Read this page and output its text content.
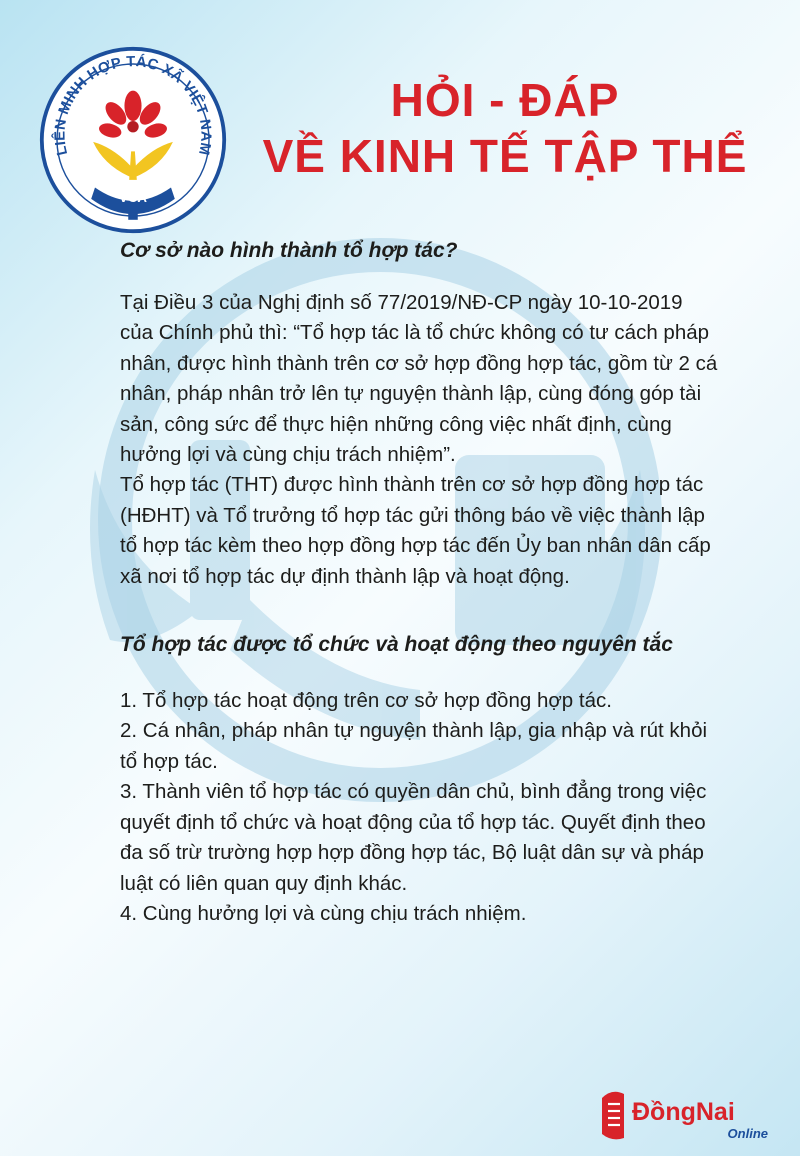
LIÊN MINH HỢP TÁC XÃ VIỆT NAM
VCA
HỎI - ĐÁP
VỀ KINH TẾ TẬP THỂ

Cơ sở nào hình thành tổ hợp tác?

Tại Điều 3 của Nghị định số 77/2019/NĐ-CP ngày 10-10-2019 của Chính phủ thì: “Tổ hợp tác là tổ chức không có tư cách pháp nhân, được hình thành trên cơ sở hợp đồng hợp tác, gồm từ 2 cá nhân, pháp nhân trở lên tự nguyện thành lập, cùng đóng góp tài sản, công sức để thực hiện những công việc nhất định, cùng hưởng lợi và cùng chịu trách nhiệm”.

Tổ hợp tác (THT) được hình thành trên cơ sở hợp đồng hợp tác (HĐHT) và Tổ trưởng tổ hợp tác gửi thông báo về việc thành lập tổ hợp tác kèm theo hợp đồng hợp tác đến Ủy ban nhân dân cấp xã nơi tổ hợp tác dự định thành lập và hoạt động.

Tổ hợp tác được tổ chức và hoạt động theo nguyên tắc

1. Tổ hợp tác hoạt động trên cơ sở hợp đồng hợp tác.

2. Cá nhân, pháp nhân tự nguyện thành lập, gia nhập và rút khỏi tổ hợp tác.

3. Thành viên tổ hợp tác có quyền dân chủ, bình đẳng trong việc quyết định tổ chức và hoạt động của tổ hợp tác. Quyết định theo đa số trừ trường hợp hợp đồng hợp tác, Bộ luật dân sự và pháp luật có liên quan quy định khác.

4. Cùng hưởng lợi và cùng chịu trách nhiệm.

ĐồngNai
Online
